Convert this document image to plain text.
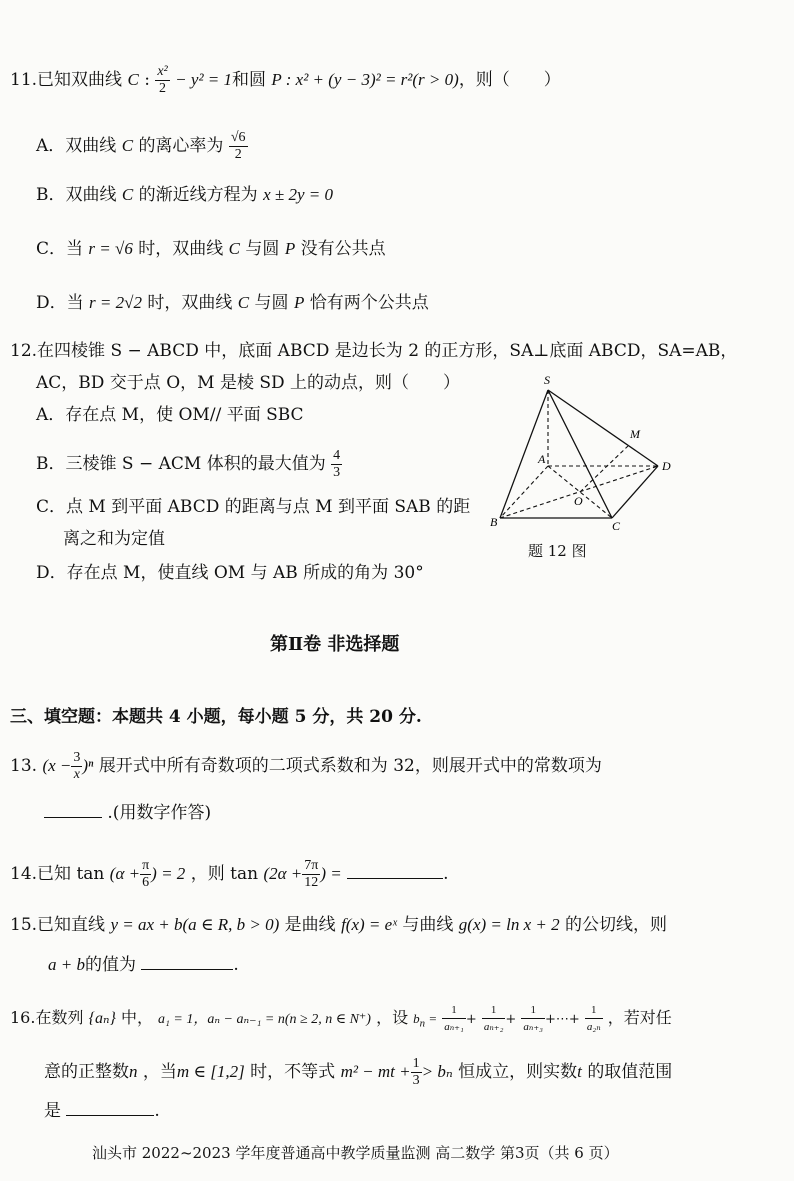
11.已知双曲线 C : $\frac{\text{x²}}{2} - y^2 = 1$和圆 P : x² + (y − 3)² = r²(r > 0)，则（　　）
A．双曲线 C 的离心率为 $\frac{√6}{2}$
B．双曲线 C 的渐近线方程为 x ± 2y = 0
C．当 r = √6 时，双曲线 C 与圆 P 没有公共点
D．当 r = 2√2 时，双曲线 C 与圆 P 恰有两个公共点
12.在四棱锥 S − ABCD 中，底面 ABCD 是边长为 2 的正方形，SA⊥底面 ABCD，SA=AB，
AC，BD 交于点 O，M 是棱 SD 上的动点，则（　　）
A．存在点 M，使 OM// 平面 SBC
B．三棱锥 S − ACM 体积的最大值为 $\frac{4}{3}$
C．点 M 到平面 ABCD 的距离与点 M 到平面 SAB 的距
离之和为定值
D．存在点 M，使直线 OM 与 AB 所成的角为 30°
S
M
A	D
O
B	C
题 12 图
第Ⅱ卷 非选择题
三、填空题：本题共 4 小题，每小题 5 分，共 20 分.
13. $(x - \frac{3}{x} )^n$ 展开式中所有奇数项的二项式系数和为 32，则展开式中的常数项为
.(用数字作答)
14.已知 $\tan (\alpha + \frac{\pi}{6}$ ) = 2 ，则 $\tan (2\alpha + \frac{7\pi}{12}$ ) =	.
15.已知直线 y = ax + b(a ∈ R, b > 0) 是曲线 f(x) = eˣ 与曲线 g(x) = ln x + 2 的公切线，则
a + b的值为	.
16.在数列 {aₙ} 中， a₁ = 1，aₙ − aₙ₋₁ = n(n ≥ 2, n ∈ N⁺) ，设 $b_n = \frac{1}{\text{aₙ₊₁}} + \frac{1}{\text{aₙ₊₂}} + \frac{1}{\text{aₙ₊₃}}$ +⋯+ $\frac{1}{\text{a₂ₙ}}$ ，若对任
意的正整数n ，当m ∈ [1,2] 时，不等式 m² − mt + $\frac{1}{3} > b_n$ 恒成立，则实数t 的取值范围
是	.
汕头市 2022~2023 学年度普通高中教学质量监测 高二数学 第3页（共 6 页）
